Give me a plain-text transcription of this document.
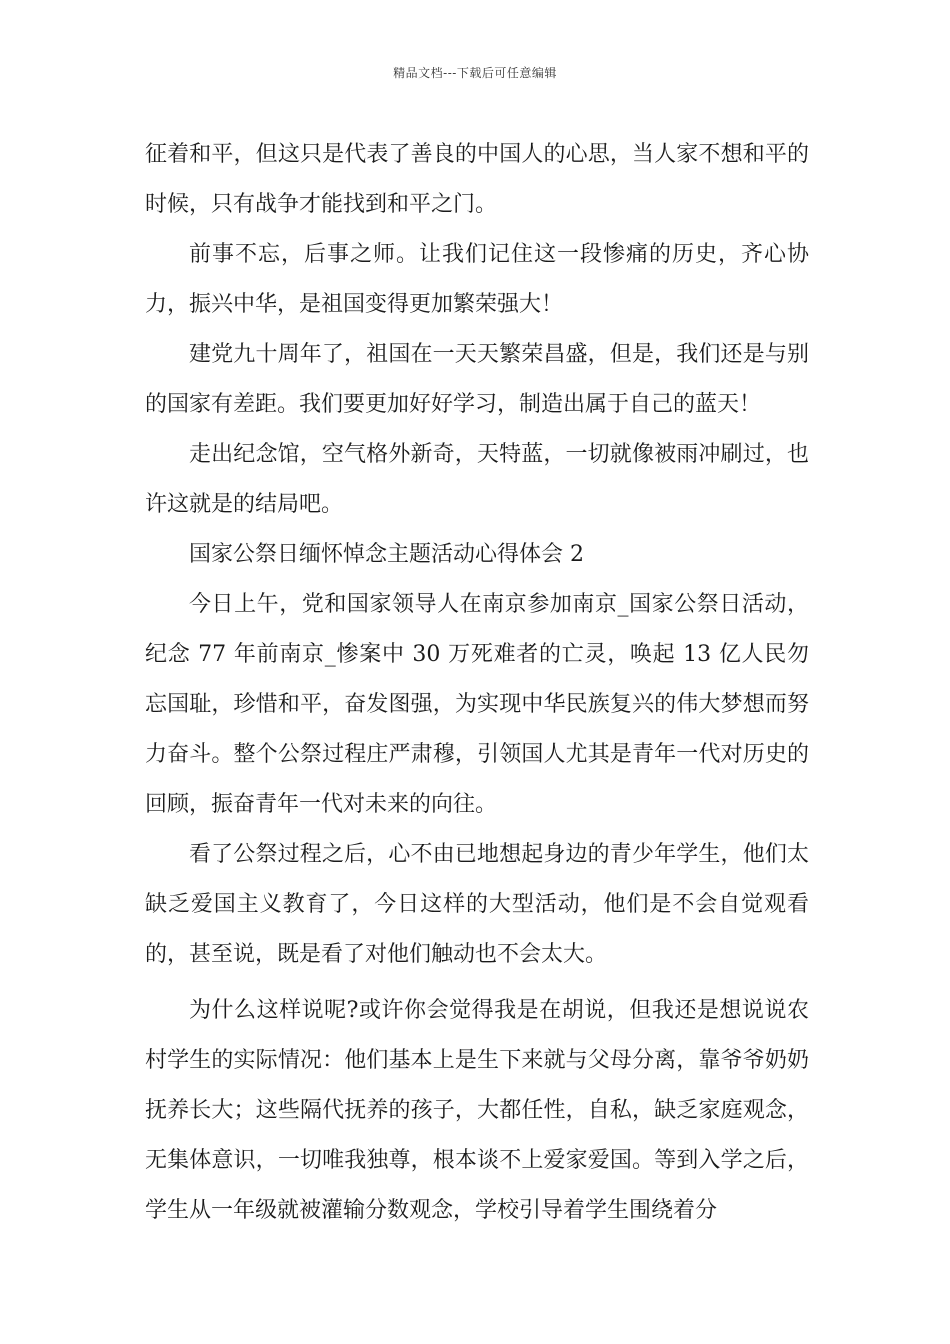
精品文档---下载后可任意编辑

征着和平，但这只是代表了善良的中国人的心思，当人家不想和平的时候，只有战争才能找到和平之门。

前事不忘，后事之师。让我们记住这一段惨痛的历史，齐心协力，振兴中华，是祖国变得更加繁荣强大！

建党九十周年了，祖国在一天天繁荣昌盛，但是，我们还是与别的国家有差距。我们要更加好好学习，制造出属于自己的蓝天！

走出纪念馆，空气格外新奇，天特蓝，一切就像被雨冲刷过，也许这就是的结局吧。

国家公祭日缅怀悼念主题活动心得体会 2

今日上午，党和国家领导人在南京参加南京_国家公祭日活动，纪念 77 年前南京_惨案中 30 万死难者的亡灵，唤起 13 亿人民勿忘国耻，珍惜和平，奋发图强，为实现中华民族复兴的伟大梦想而努力奋斗。整个公祭过程庄严肃穆，引领国人尤其是青年一代对历史的回顾，振奋青年一代对未来的向往。

看了公祭过程之后，心不由已地想起身边的青少年学生，他们太缺乏爱国主义教育了，今日这样的大型活动，他们是不会自觉观看的，甚至说，既是看了对他们触动也不会太大。

为什么这样说呢?或许你会觉得我是在胡说，但我还是想说说农村学生的实际情况：他们基本上是生下来就与父母分离，靠爷爷奶奶抚养长大；这些隔代抚养的孩子，大都任性，自私，缺乏家庭观念，无集体意识，一切唯我独尊，根本谈不上爱家爱国。等到入学之后，学生从一年级就被灌输分数观念，学校引导着学生围绕着分
